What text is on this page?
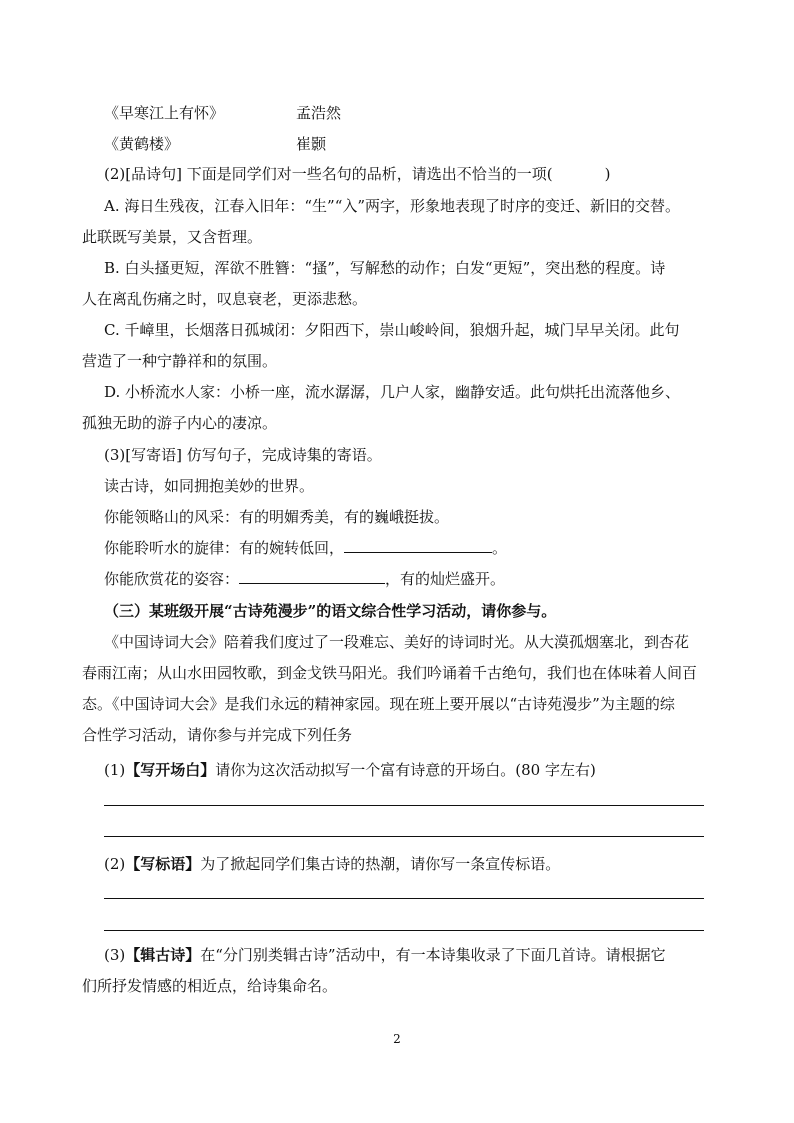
《早寒江上有怀》	孟浩然
《黄鹤楼》	崔颢
(2)[品诗句] 下面是同学们对一些名句的品析，请选出不恰当的一项(	)
A. 海日生残夜，江春入旧年：“生”“入”两字，形象地表现了时序的变迁、新旧的交替。
此联既写美景，又含哲理。
B. 白头搔更短，浑欲不胜簪：“搔”，写解愁的动作；白发“更短”，突出愁的程度。诗
人在离乱伤痛之时，叹息衰老，更添悲愁。
C. 千嶂里，长烟落日孤城闭：夕阳西下，崇山峻岭间，狼烟升起，城门早早关闭。此句
营造了一种宁静祥和的氛围。
D. 小桥流水人家：小桥一座，流水潺潺，几户人家，幽静安适。此句烘托出流落他乡、
孤独无助的游子内心的凄凉。
(3)[写寄语] 仿写句子，完成诗集的寄语。
读古诗，如同拥抱美妙的世界。
你能领略山的风采：有的明媚秀美，有的巍峨挺拔。
你能聆听水的旋律：有的婉转低回，	。
你能欣赏花的姿容：	，有的灿烂盛开。
（三）某班级开展“古诗苑漫步”的语文综合性学习活动，请你参与。
《中国诗词大会》陪着我们度过了一段难忘、美好的诗词时光。从大漠孤烟塞北，到杏花
春雨江南；从山水田园牧歌，到金戈铁马阳光。我们吟诵着千古绝句，我们也在体味着人间百
态。《中国诗词大会》是我们永远的精神家园。现在班上要开展以“古诗苑漫步”为主题的综
合性学习活动，请你参与并完成下列任务
(1)【写开场白】请你为这次活动拟写一个富有诗意的开场白。(80 字左右)
(2)【写标语】为了掀起同学们集古诗的热潮，请你写一条宣传标语。
(3)【辑古诗】在“分门别类辑古诗”活动中，有一本诗集收录了下面几首诗。请根据它
们所抒发情感的相近点，给诗集命名。
2
